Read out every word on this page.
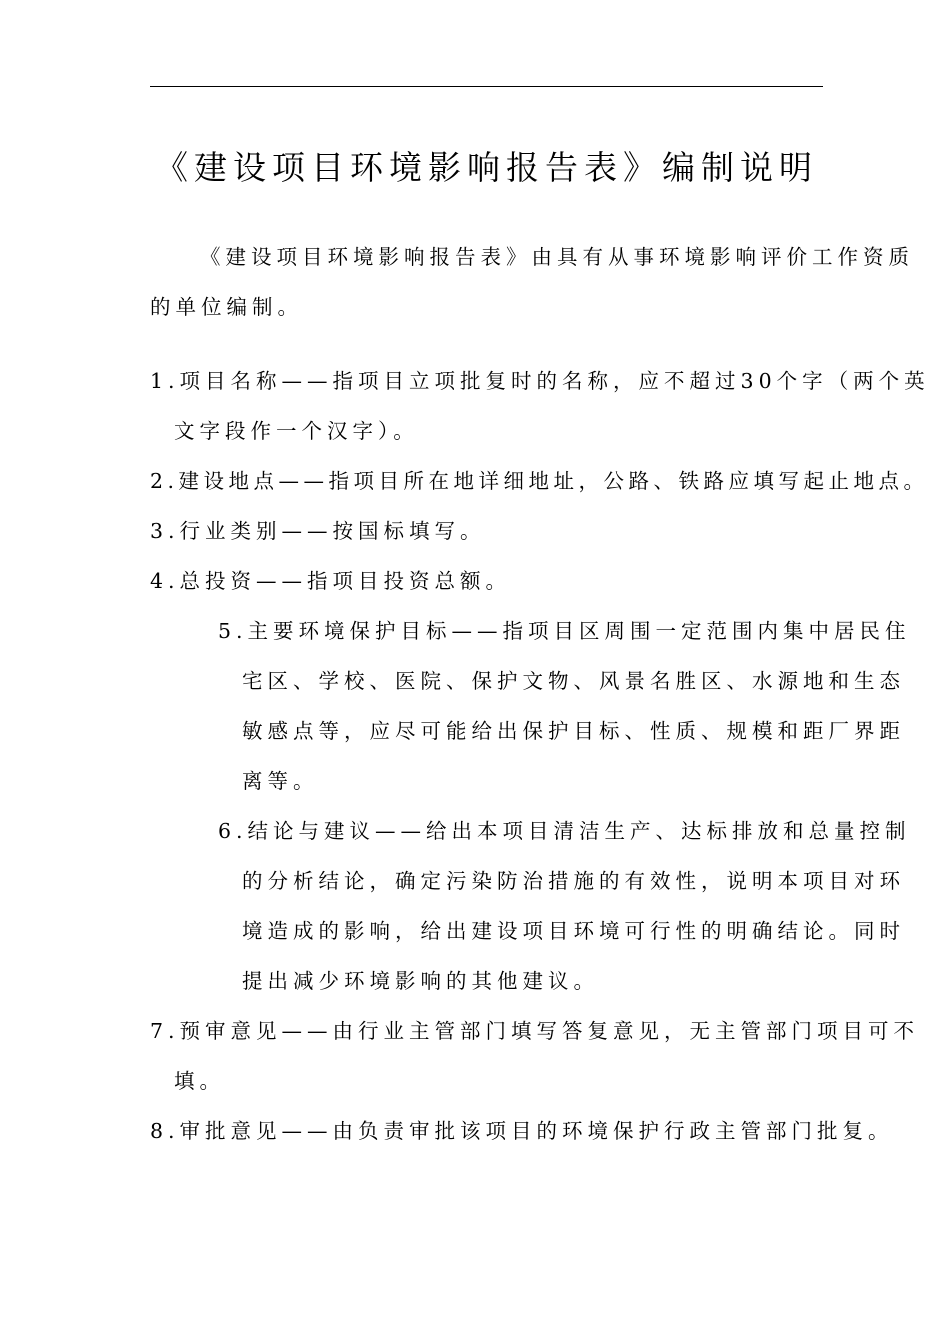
《建设项目环境影响报告表》编制说明
《建设项目环境影响报告表》由具有从事环境影响评价工作资质
的单位编制。
1.项目名称——指项目立项批复时的名称，应不超过30个字（两个英
文字段作一个汉字）。
2.建设地点——指项目所在地详细地址，公路、铁路应填写起止地点。
3.行业类别——按国标填写。
4.总投资——指项目投资总额。
5.主要环境保护目标——指项目区周围一定范围内集中居民住
宅区、学校、医院、保护文物、风景名胜区、水源地和生态
敏感点等，应尽可能给出保护目标、性质、规模和距厂界距
离等。
6.结论与建议——给出本项目清洁生产、达标排放和总量控制
的分析结论，确定污染防治措施的有效性，说明本项目对环
境造成的影响，给出建设项目环境可行性的明确结论。同时
提出减少环境影响的其他建议。
7.预审意见——由行业主管部门填写答复意见，无主管部门项目可不
填。
8.审批意见——由负责审批该项目的环境保护行政主管部门批复。
